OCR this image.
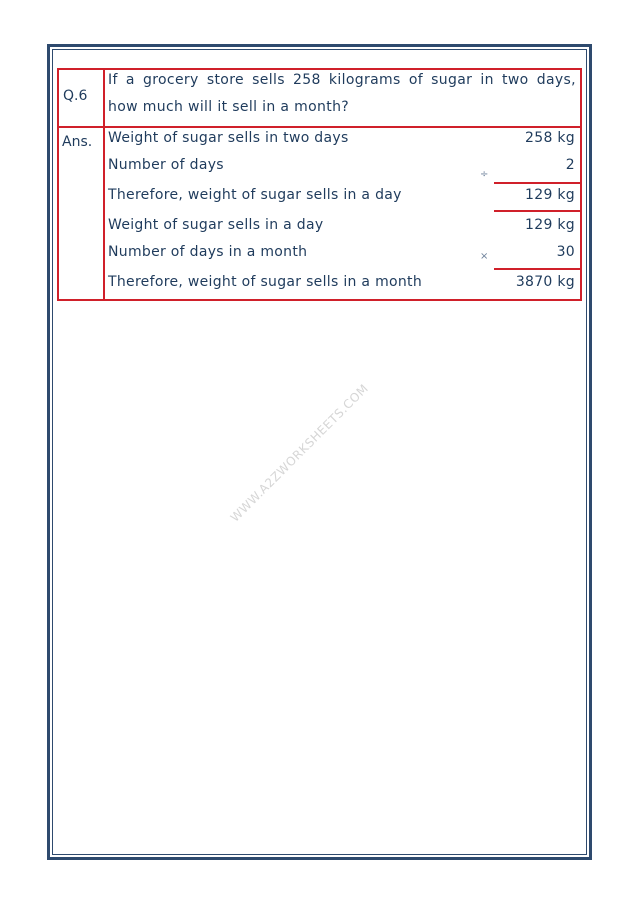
Q.6
If a grocery store sells 258 kilograms of sugar in two days,
how much will it sell in a month?
Ans. Weight of sugar sells in two days	258 kg
Number of days	2
÷
Therefore, weight of sugar sells in a day	129 kg
Weight of sugar sells in a day	129 kg
Number of days in a month	30
×
Therefore, weight of sugar sells in a month	3870 kg
WWW.A2ZWORKSHEETS.COM
